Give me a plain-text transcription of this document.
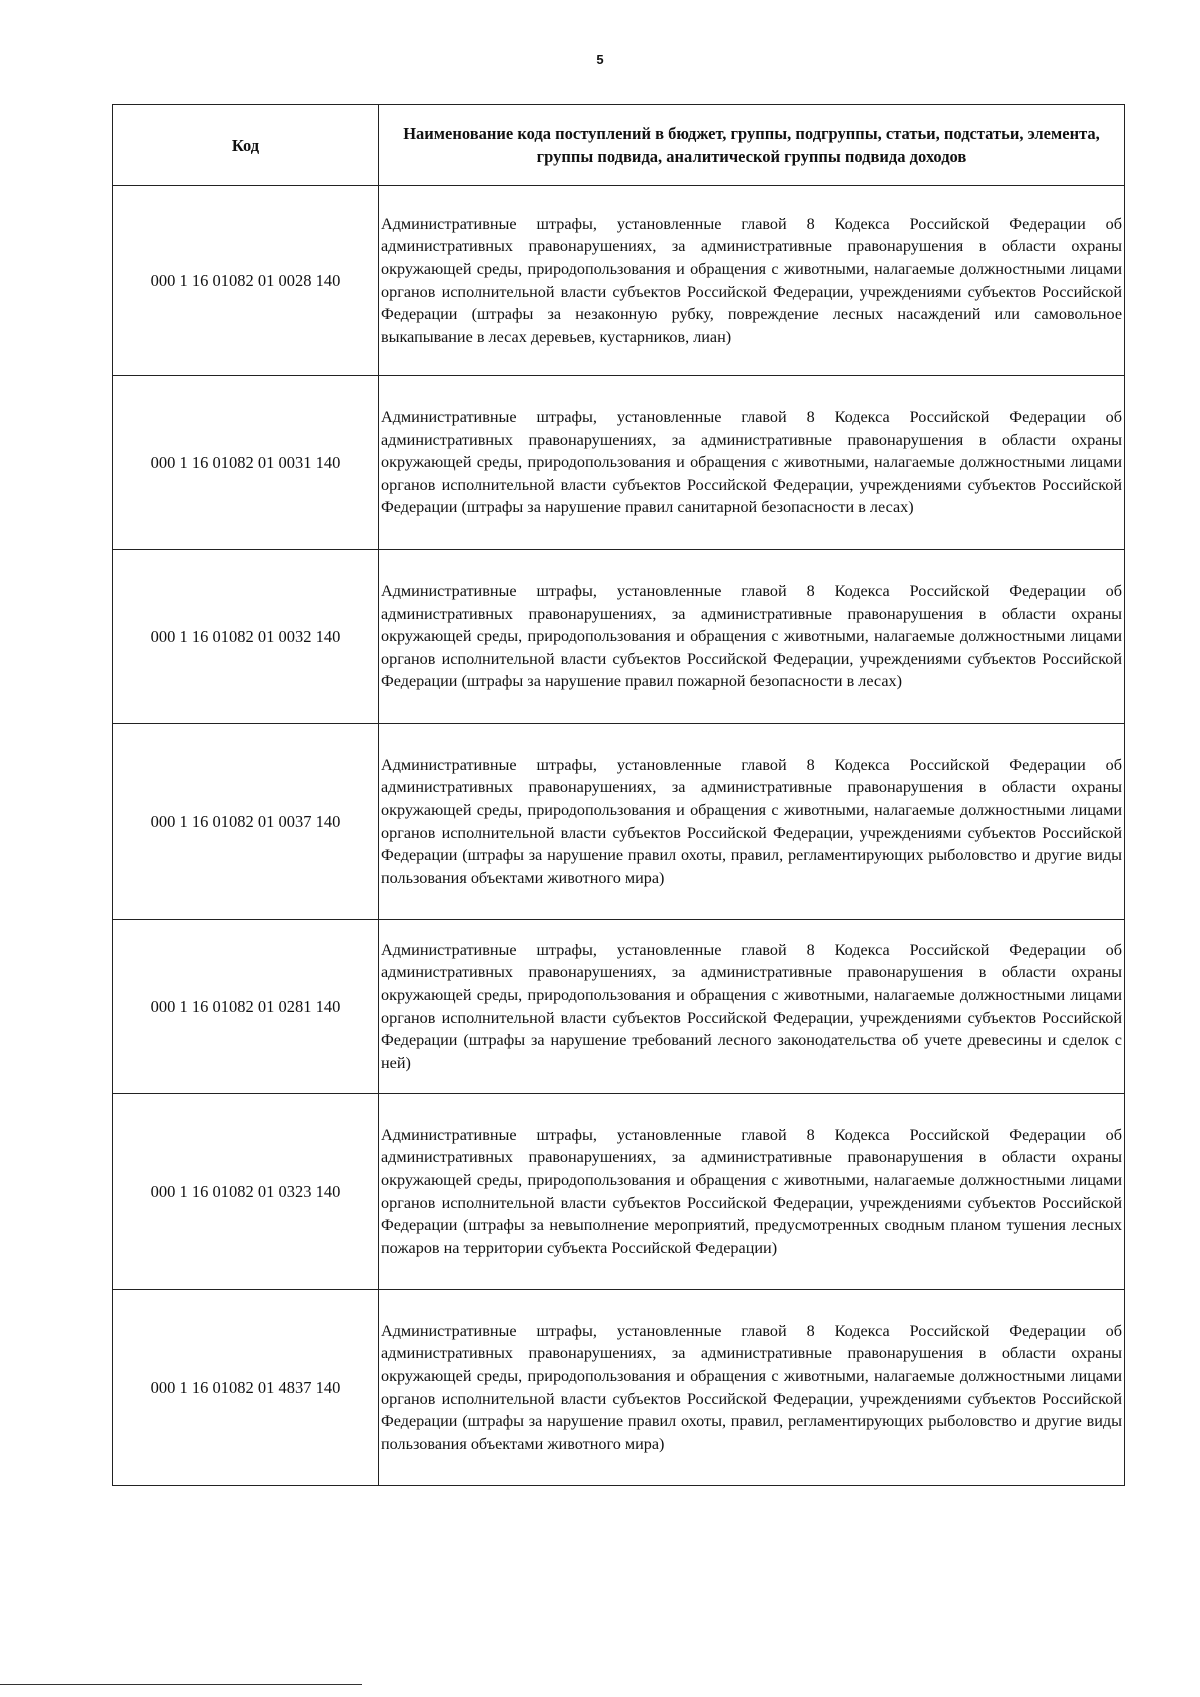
5
Код	Наименование кода поступлений в бюджет, группы, подгруппы, статьи, подстатьи, элемента, группы подвида, аналитической группы подвида доходов
000 1 16 01082 01 0028 140	Административные штрафы, установленные главой 8 Кодекса Российской Федерации об административных правонарушениях, за административные правонарушения в области охраны окружающей среды, природопользования и обращения с животными, налагаемые должностными лицами органов исполнительной власти субъектов Российской Федерации, учреждениями субъектов Российской Федерации (штрафы за незаконную рубку, повреждение лесных насаждений или самовольное выкапывание в лесах деревьев, кустарников, лиан)
000 1 16 01082 01 0031 140	Административные штрафы, установленные главой 8 Кодекса Российской Федерации об административных правонарушениях, за административные правонарушения в области охраны окружающей среды, природопользования и обращения с животными, налагаемые должностными лицами органов исполнительной власти субъектов Российской Федерации, учреждениями субъектов Российской Федерации (штрафы за нарушение правил санитарной безопасности в лесах)
000 1 16 01082 01 0032 140	Административные штрафы, установленные главой 8 Кодекса Российской Федерации об административных правонарушениях, за административные правонарушения в области охраны окружающей среды, природопользования и обращения с животными, налагаемые должностными лицами органов исполнительной власти субъектов Российской Федерации, учреждениями субъектов Российской Федерации (штрафы за нарушение правил пожарной безопасности в лесах)
000 1 16 01082 01 0037 140	Административные штрафы, установленные главой 8 Кодекса Российской Федерации об административных правонарушениях, за административные правонарушения в области охраны окружающей среды, природопользования и обращения с животными, налагаемые должностными лицами органов исполнительной власти субъектов Российской Федерации, учреждениями субъектов Российской Федерации (штрафы за нарушение правил охоты, правил, регламентирующих рыболовство и другие виды пользования объектами животного мира)
000 1 16 01082 01 0281 140	Административные штрафы, установленные главой 8 Кодекса Российской Федерации об административных правонарушениях, за административные правонарушения в области охраны окружающей среды, природопользования и обращения с животными, налагаемые должностными лицами органов исполнительной власти субъектов Российской Федерации, учреждениями субъектов Российской Федерации (штрафы за нарушение требований лесного законодательства об учете древесины и сделок с ней)
000 1 16 01082 01 0323 140	Административные штрафы, установленные главой 8 Кодекса Российской Федерации об административных правонарушениях, за административные правонарушения в области охраны окружающей среды, природопользования и обращения с животными, налагаемые должностными лицами органов исполнительной власти субъектов Российской Федерации, учреждениями субъектов Российской Федерации (штрафы за невыполнение мероприятий, предусмотренных сводным планом тушения лесных пожаров на территории субъекта Российской Федерации)
000 1 16 01082 01 4837 140	Административные штрафы, установленные главой 8 Кодекса Российской Федерации об административных правонарушениях, за административные правонарушения в области охраны окружающей среды, природопользования и обращения с животными, налагаемые должностными лицами органов исполнительной власти субъектов Российской Федерации, учреждениями субъектов Российской Федерации (штрафы за нарушение правил охоты, правил, регламентирующих рыболовство и другие виды пользования объектами животного мира)
